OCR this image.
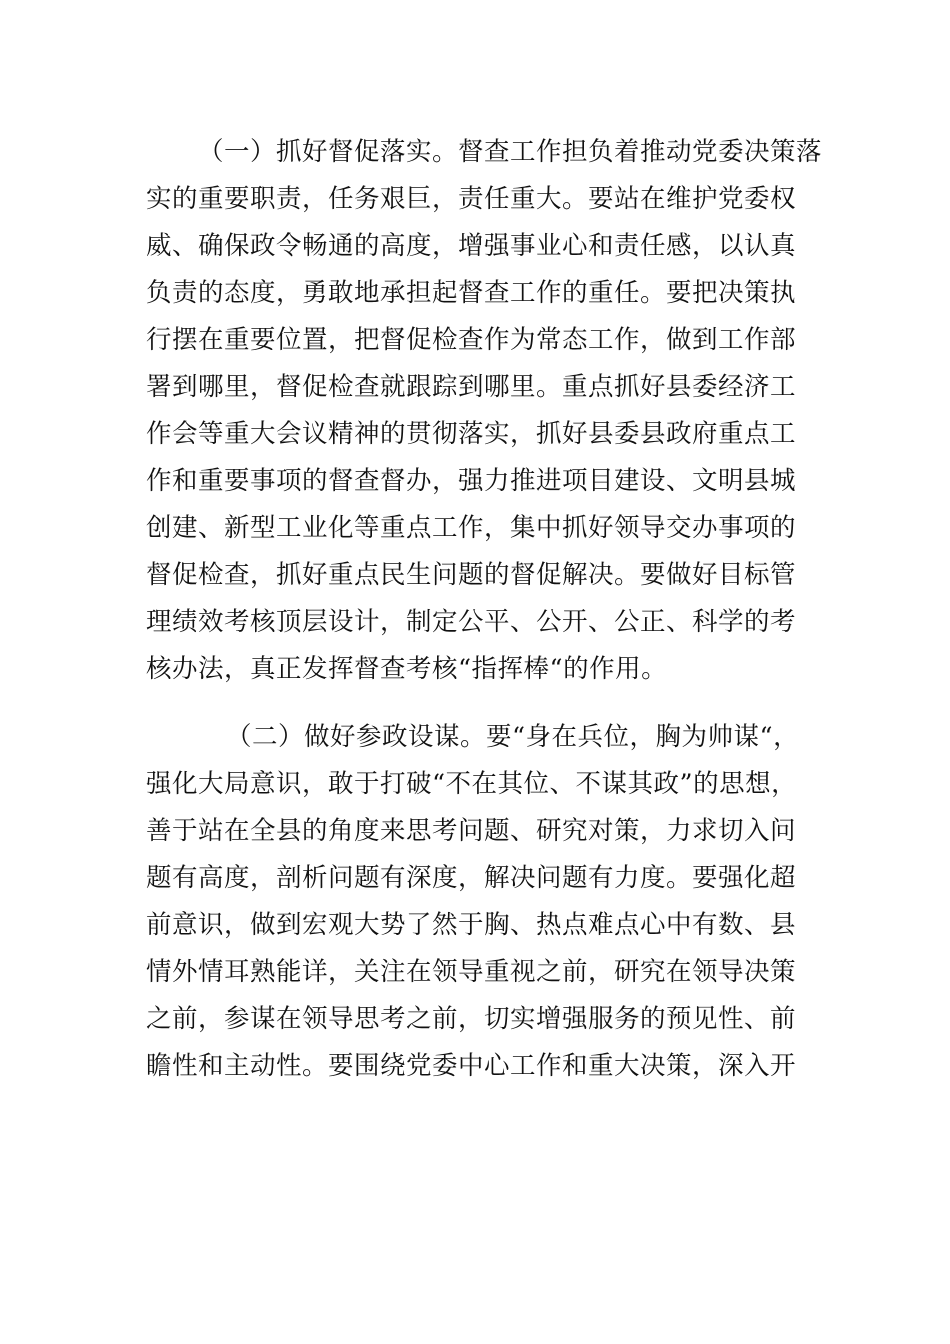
（一）抓好督促落实。督查工作担负着推动党委决策落
实的重要职责，任务艰巨，责任重大。要站在维护党委权
威、确保政令畅通的高度，增强事业心和责任感，以认真
负责的态度，勇敢地承担起督查工作的重任。要把决策执
行摆在重要位置，把督促检查作为常态工作，做到工作部
署到哪里，督促检查就跟踪到哪里。重点抓好县委经济工
作会等重大会议精神的贯彻落实，抓好县委县政府重点工
作和重要事项的督查督办，强力推进项目建设、文明县城
创建、新型工业化等重点工作，集中抓好领导交办事项的
督促检查，抓好重点民生问题的督促解决。要做好目标管
理绩效考核顶层设计，制定公平、公开、公正、科学的考
核办法，真正发挥督查考核“指挥棒“的作用。
（二）做好参政设谋。要“身在兵位，胸为帅谋“，
强化大局意识，敢于打破“不在其位、不谋其政”的思想，
善于站在全县的角度来思考问题、研究对策，力求切入问
题有高度，剖析问题有深度，解决问题有力度。要强化超
前意识，做到宏观大势了然于胸、热点难点心中有数、县
情外情耳熟能详，关注在领导重视之前，研究在领导决策
之前，参谋在领导思考之前，切实增强服务的预见性、前
瞻性和主动性。要围绕党委中心工作和重大决策，深入开
